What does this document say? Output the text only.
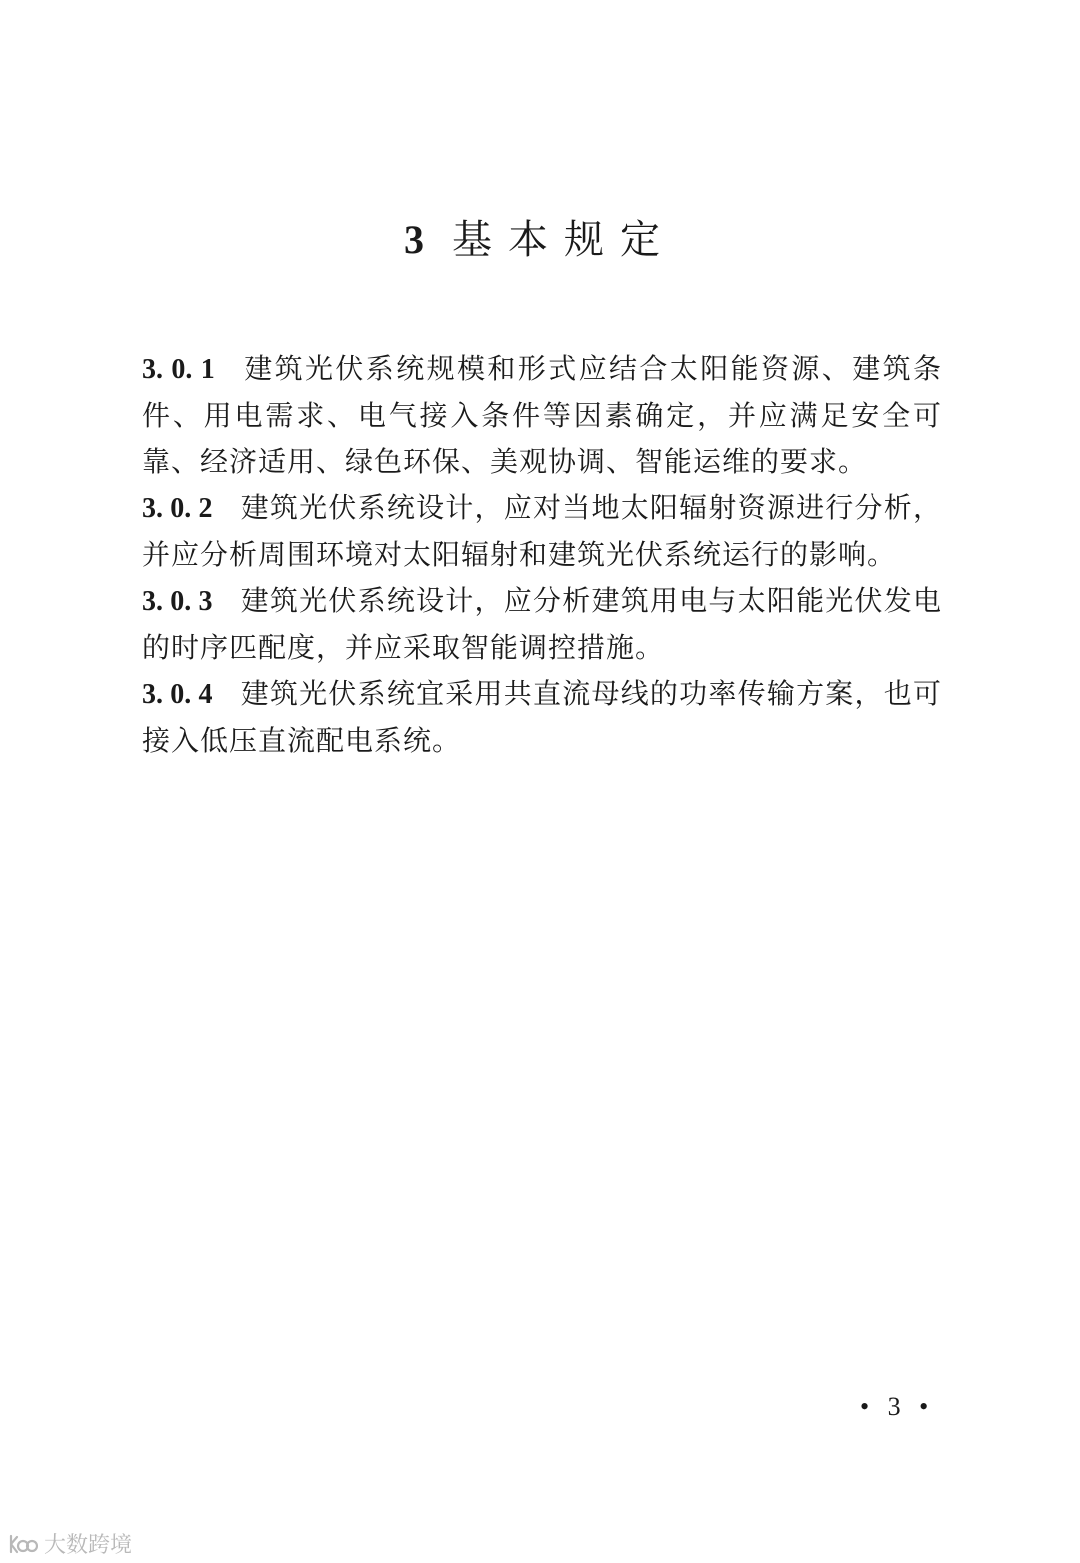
3 基本规定

3. 0. 1 建筑光伏系统规模和形式应结合太阳能资源、建筑条件、用电需求、电气接入条件等因素确定，并应满足安全可靠、经济适用、绿色环保、美观协调、智能运维的要求。

3. 0. 2 建筑光伏系统设计，应对当地太阳辐射资源进行分析，并应分析周围环境对太阳辐射和建筑光伏系统运行的影响。

3. 0. 3 建筑光伏系统设计，应分析建筑用电与太阳能光伏发电的时序匹配度，并应采取智能调控措施。

3. 0. 4 建筑光伏系统宜采用共直流母线的功率传输方案，也可接入低压直流配电系统。

• 3 •
大数跨境
